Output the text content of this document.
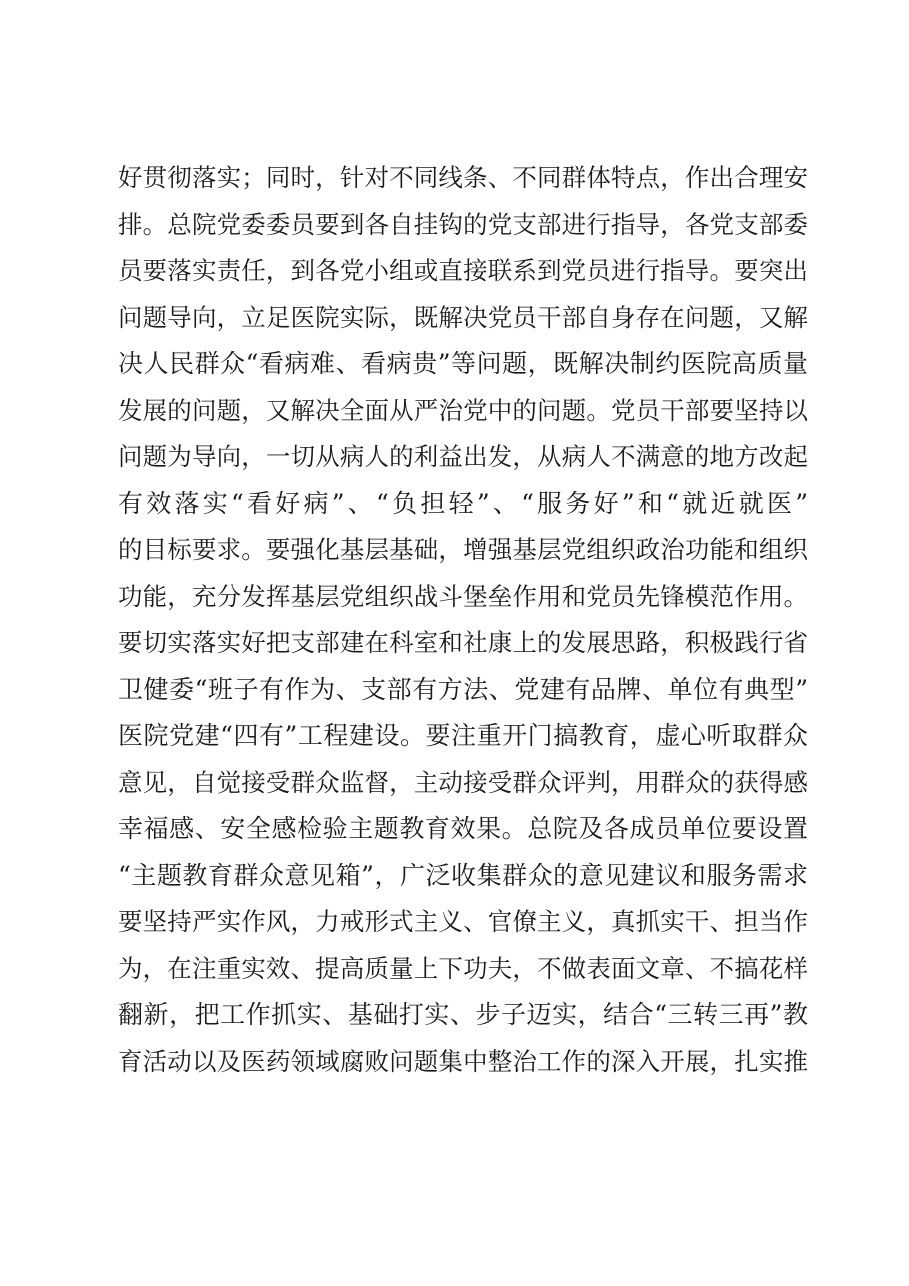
好贯彻落实；同时，针对不同线条、不同群体特点，作出合理安
排。总院党委委员要到各自挂钩的党支部进行指导，各党支部委
员要落实责任，到各党小组或直接联系到党员进行指导。要突出
问题导向，立足医院实际，既解决党员干部自身存在问题，又解
决人民群众“看病难、看病贵”等问题，既解决制约医院高质量
发展的问题，又解决全面从严治党中的问题。党员干部要坚持以
问题为导向，一切从病人的利益出发，从病人不满意的地方改起
有效落实“看好病”、“负担轻”、“服务好”和“就近就医”
的目标要求。要强化基层基础，增强基层党组织政治功能和组织
功能，充分发挥基层党组织战斗堡垒作用和党员先锋模范作用。
要切实落实好把支部建在科室和社康上的发展思路，积极践行省
卫健委“班子有作为、支部有方法、党建有品牌、单位有典型”
医院党建“四有”工程建设。要注重开门搞教育，虚心听取群众
意见，自觉接受群众监督，主动接受群众评判，用群众的获得感
幸福感、安全感检验主题教育效果。总院及各成员单位要设置
“主题教育群众意见箱”，广泛收集群众的意见建议和服务需求
要坚持严实作风，力戒形式主义、官僚主义，真抓实干、担当作
为，在注重实效、提高质量上下功夫，不做表面文章、不搞花样
翻新，把工作抓实、基础打实、步子迈实，结合“三转三再”教
育活动以及医药领域腐败问题集中整治工作的深入开展，扎实推
